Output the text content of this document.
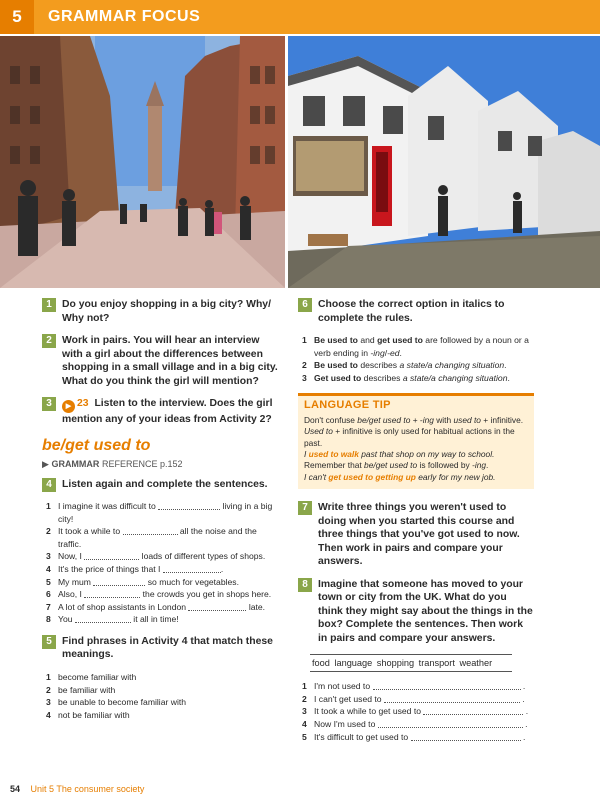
5	GRAMMAR FOCUS
1 Do you enjoy shopping in a big city? Why/ Why not?
2 Work in pairs. You will hear an interview with a girl about the differences between shopping in a small village and in a big city. What do you think the girl will mention?
3	▶ 23 Listen to the interview. Does the girl mention any of your ideas from Activity 2?
be/get used to
▶ GRAMMAR REFERENCE p.152
4 Listen again and complete the sentences.
1 I imagine it was difficult to	living in a big city!
2 It took a while to	all the noise and the traffic.
3 Now, I	loads of different types of shops.
4 It's the price of things that I	.
5 My mum	so much for vegetables.
6 Also, I	the crowds you get in shops here.
7 A lot of shop assistants in London	late.
8 You	it all in time!
5 Find phrases in Activity 4 that match these meanings.
1 become familiar with
2 be familiar with
3 be unable to become familiar with
4 not be familiar with
6 Choose the correct option in italics to complete the rules.
1 Be used to and get used to are followed by a noun or a verb ending in -ing/-ed.
2 Be used to describes a state/a changing situation.
3 Get used to describes a state/a changing situation.
LANGUAGE TIP
Don't confuse be/get used to + -ing with used to + infinitive. Used to + infinitive is only used for habitual actions in the past.
I used to walk past that shop on my way to school.
Remember that be/get used to is followed by -ing.
I can't get used to getting up early for my new job.
7 Write three things you weren't used to doing when you started this course and three things that you've got used to now. Then work in pairs and compare your answers.
8 Imagine that someone has moved to your town or city from the UK. What do you think they might say about the things in the box? Complete the sentences. Then work in pairs and compare your answers.
food language shopping transport weather
1 I'm not used to	.
2 I can't get used to	.
3 It took a while to get used to	.
4 Now I'm used to	.
5 It's difficult to get used to	.
54 Unit 5 The consumer society
